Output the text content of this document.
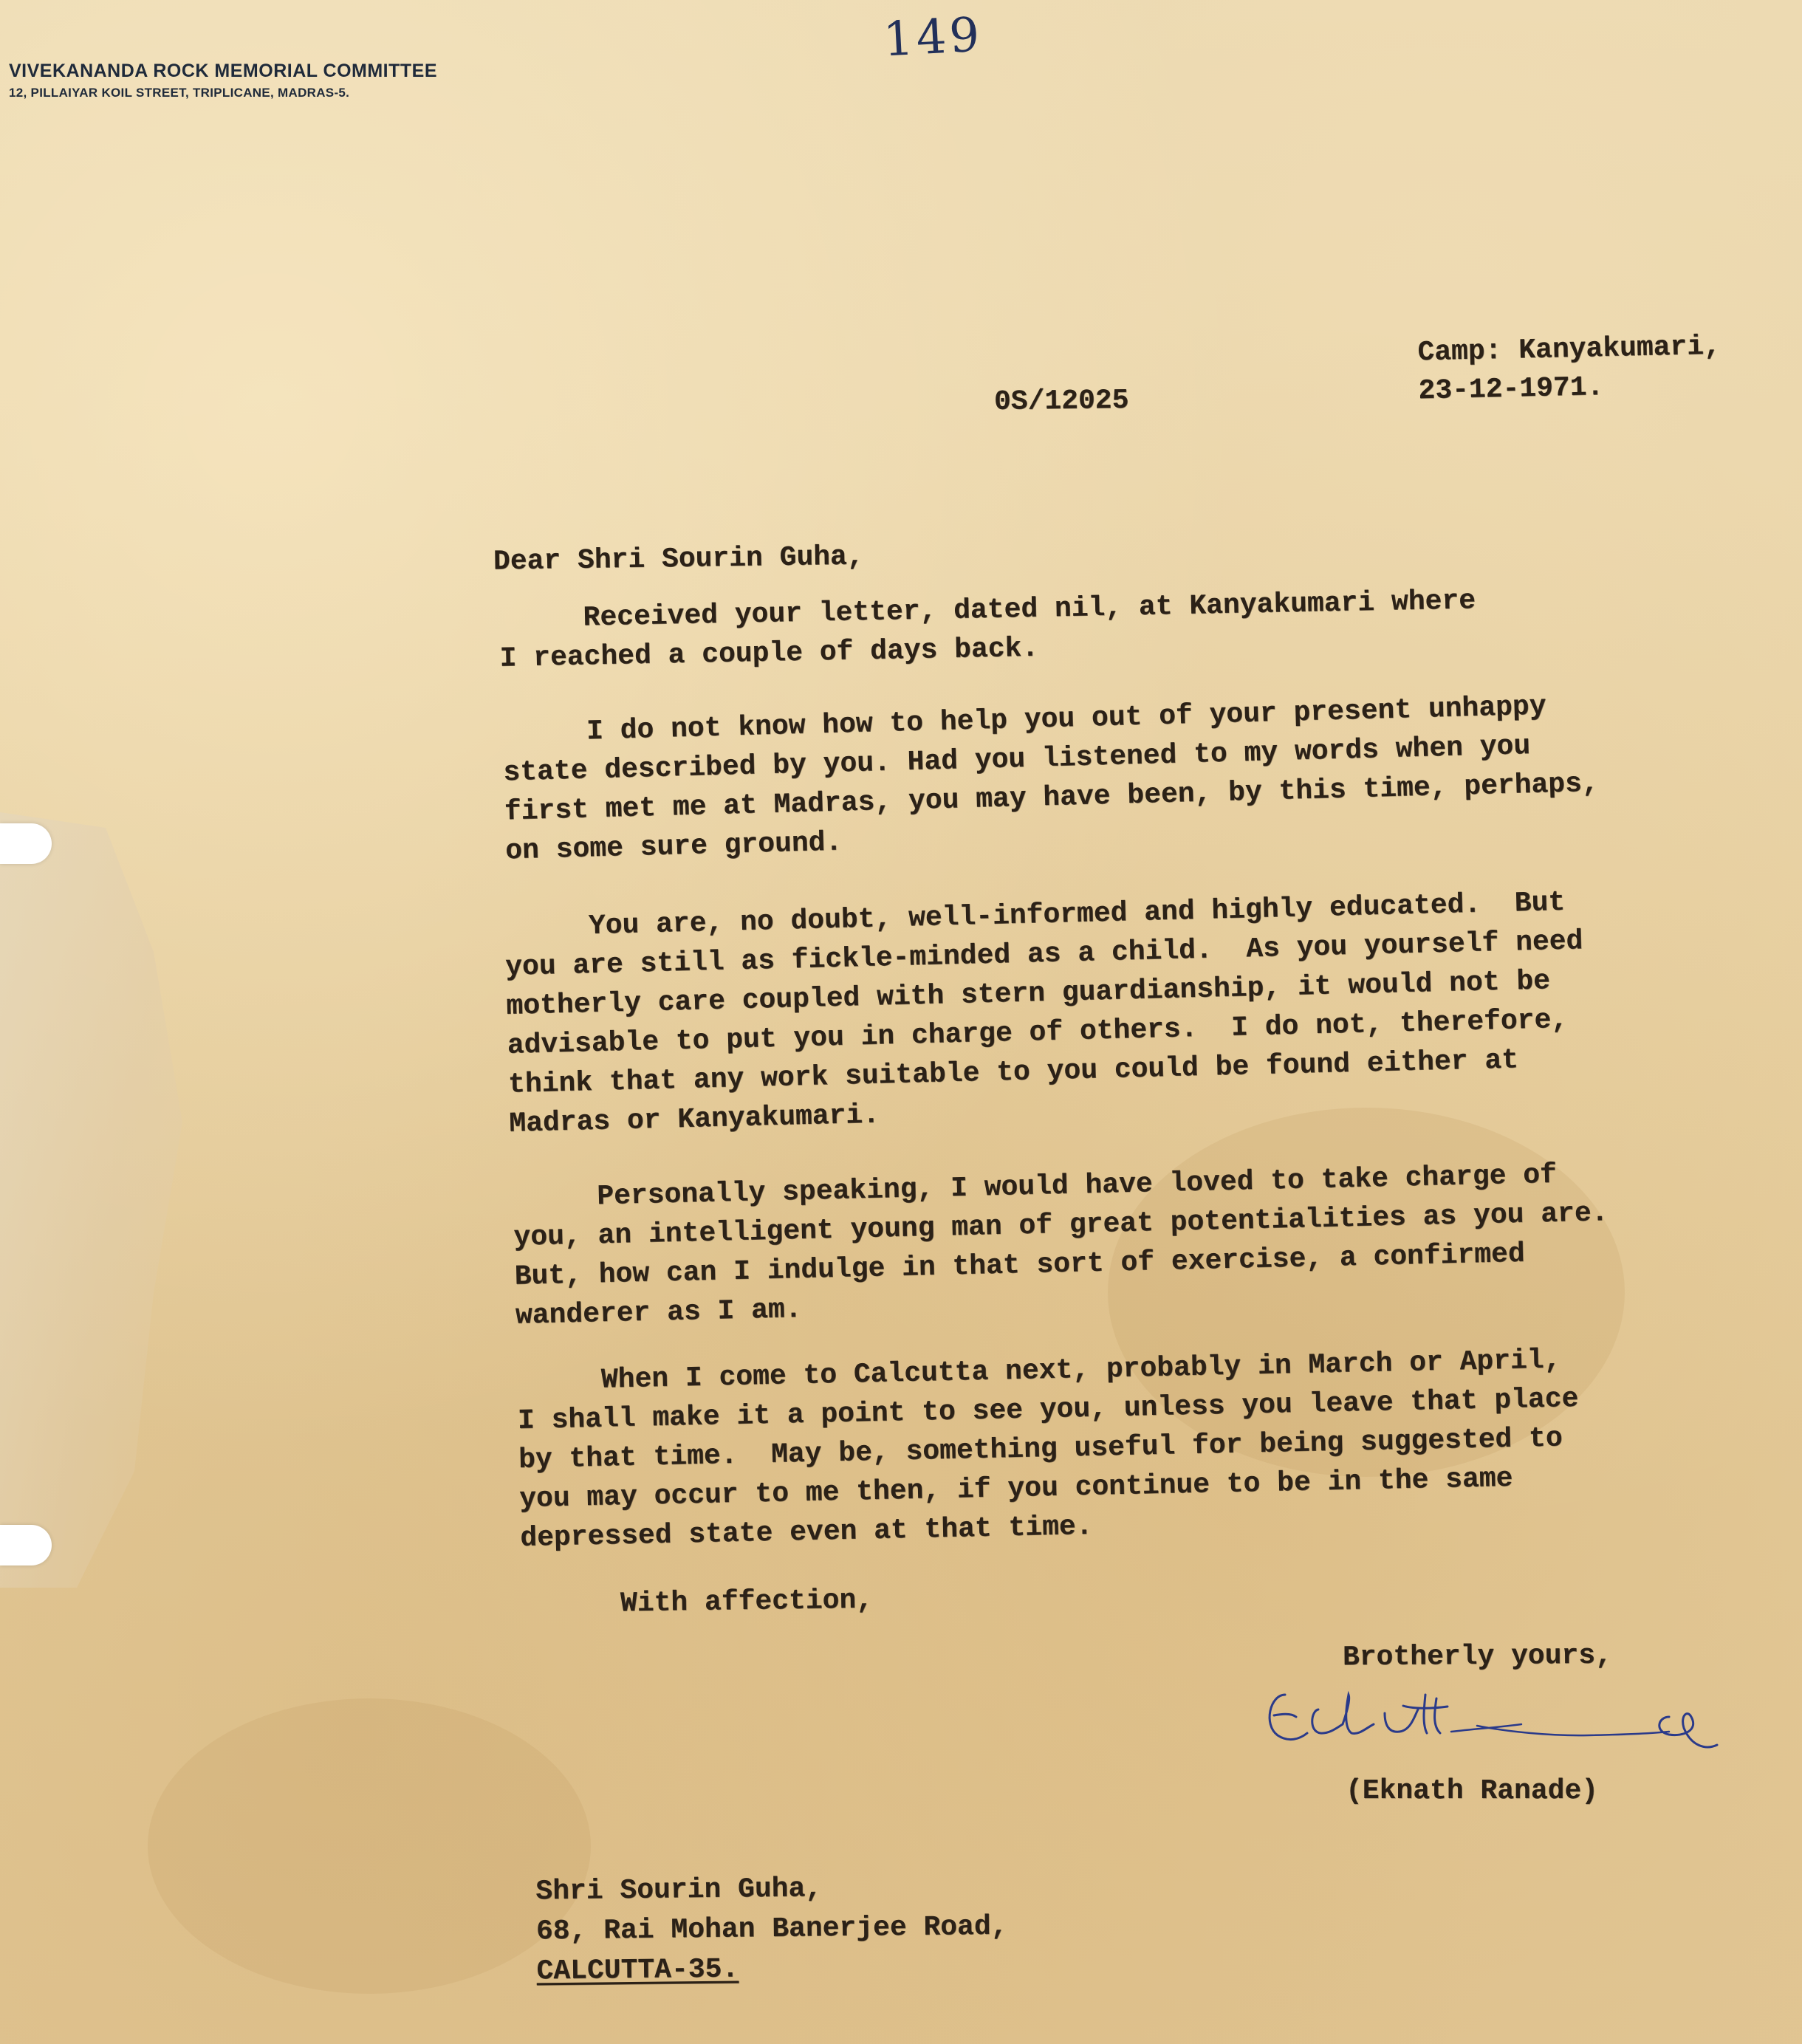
149
VIVEKANANDA ROCK MEMORIAL COMMITTEE
12, PILLAIYAR KOIL STREET, TRIPLICANE, MADRAS-5.
Camp: Kanyakumari,
23-12-1971.
0S/12025
Dear Shri Sourin Guha,
Received your letter, dated nil, at Kanyakumari where
I reached a couple of days back.
I do not know how to help you out of your present unhappy
state described by you. Had you listened to my words when you
first met me at Madras, you may have been, by this time, perhaps,
on some sure ground.
You are, no doubt, well-informed and highly educated.  But
you are still as fickle-minded as a child.  As you yourself need
motherly care coupled with stern guardianship, it would not be
advisable to put you in charge of others.  I do not, therefore,
think that any work suitable to you could be found either at
Madras or Kanyakumari.
Personally speaking, I would have loved to take charge of
you, an intelligent young man of great potentialities as you are.
But, how can I indulge in that sort of exercise, a confirmed
wanderer as I am.
When I come to Calcutta next, probably in March or April,
I shall make it a point to see you, unless you leave that place
by that time.  May be, something useful for being suggested to
you may occur to me then, if you continue to be in the same
depressed state even at that time.
With affection,
Brotherly yours,
(Eknath Ranade)
Shri Sourin Guha,
68, Rai Mohan Banerjee Road,
CALCUTTA-35.
